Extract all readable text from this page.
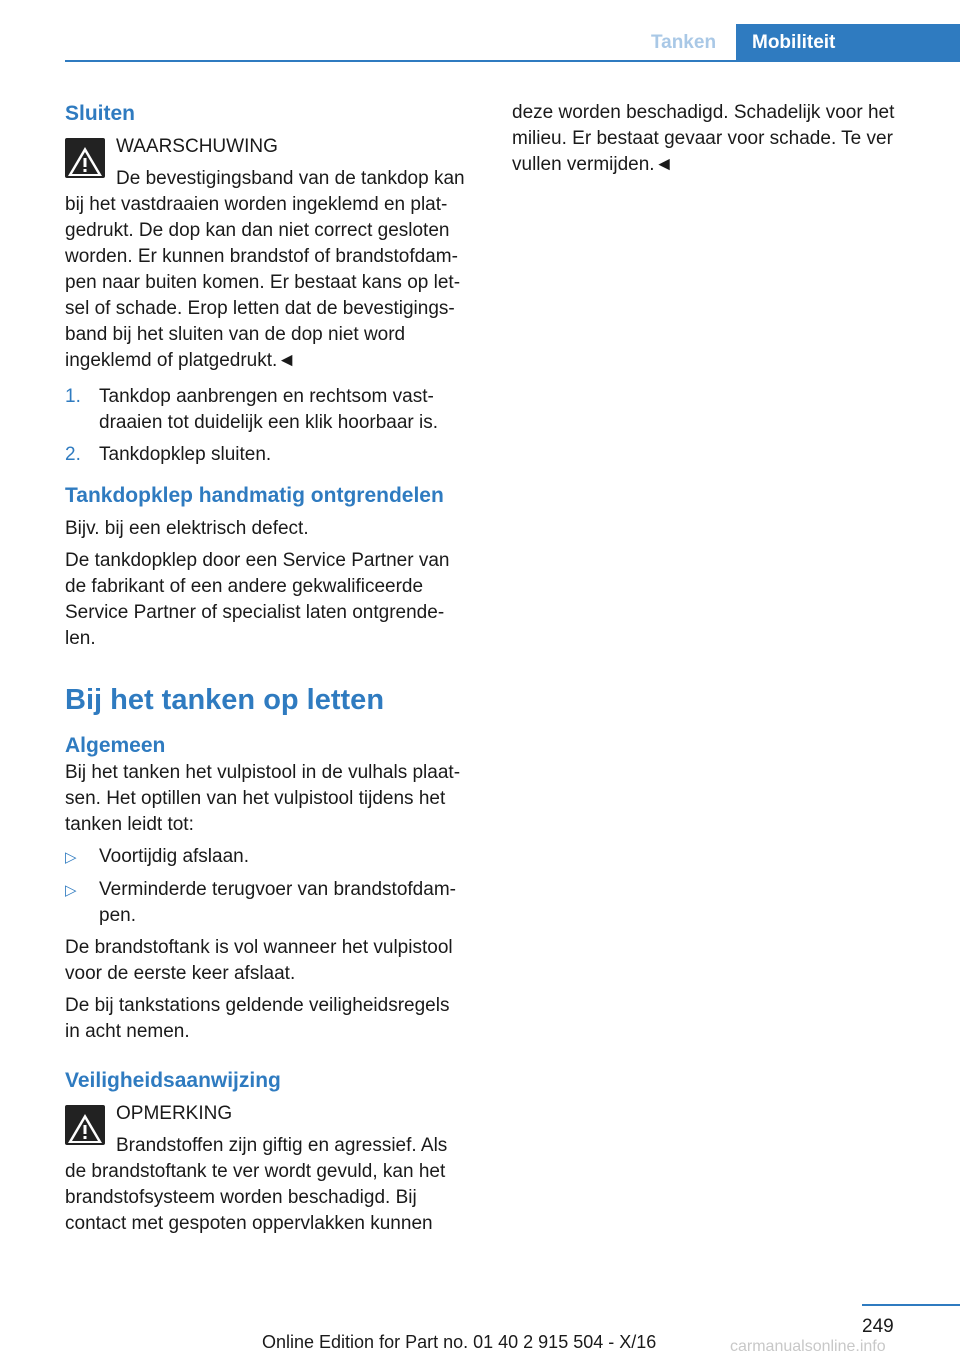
Tanken	Mobiliteit
Sluiten
WAARSCHUWING
De bevestigingsband van de tankdop kan
bij het vastdraaien worden ingeklemd en plat‐
gedrukt. De dop kan dan niet correct gesloten
worden. Er kunnen brandstof of brandstofdam‐
pen naar buiten komen. Er bestaat kans op let‐
sel of schade. Erop letten dat de bevestigings‐
band bij het sluiten van de dop niet word
ingeklemd of platgedrukt.◄
1. Tankdop aanbrengen en rechtsom vast‐
draaien tot duidelijk een klik hoorbaar is.
2. Tankdopklep sluiten.
Tankdopklep handmatig ontgrendelen

Bijv. bij een elektrisch defect.

De tankdopklep door een Service Partner van
de fabrikant of een andere gekwalificeerde
Service Partner of specialist laten ontgrende‐
len.
Bij het tanken op letten
Algemeen
Bij het tanken het vulpistool in de vulhals plaat‐
sen. Het optillen van het vulpistool tijdens het
tanken leidt tot:
▷	Voortijdig afslaan.
▷	Verminderde terugvoer van brandstofdam‐
pen.
De brandstoftank is vol wanneer het vulpistool
voor de eerste keer afslaat.
De bij tankstations geldende veiligheidsregels
in acht nemen.
Veiligheidsaanwijzing
OPMERKING
Brandstoffen zijn giftig en agressief. Als
de brandstoftank te ver wordt gevuld, kan het
brandstofsysteem worden beschadigd. Bij
contact met gespoten oppervlakken kunnen
deze worden beschadigd. Schadelijk voor het
milieu. Er bestaat gevaar voor schade. Te ver
vullen vermijden.◄
249
Online Edition for Part no. 01 40 2 915 504 - X/16	carmanualsonline.info
